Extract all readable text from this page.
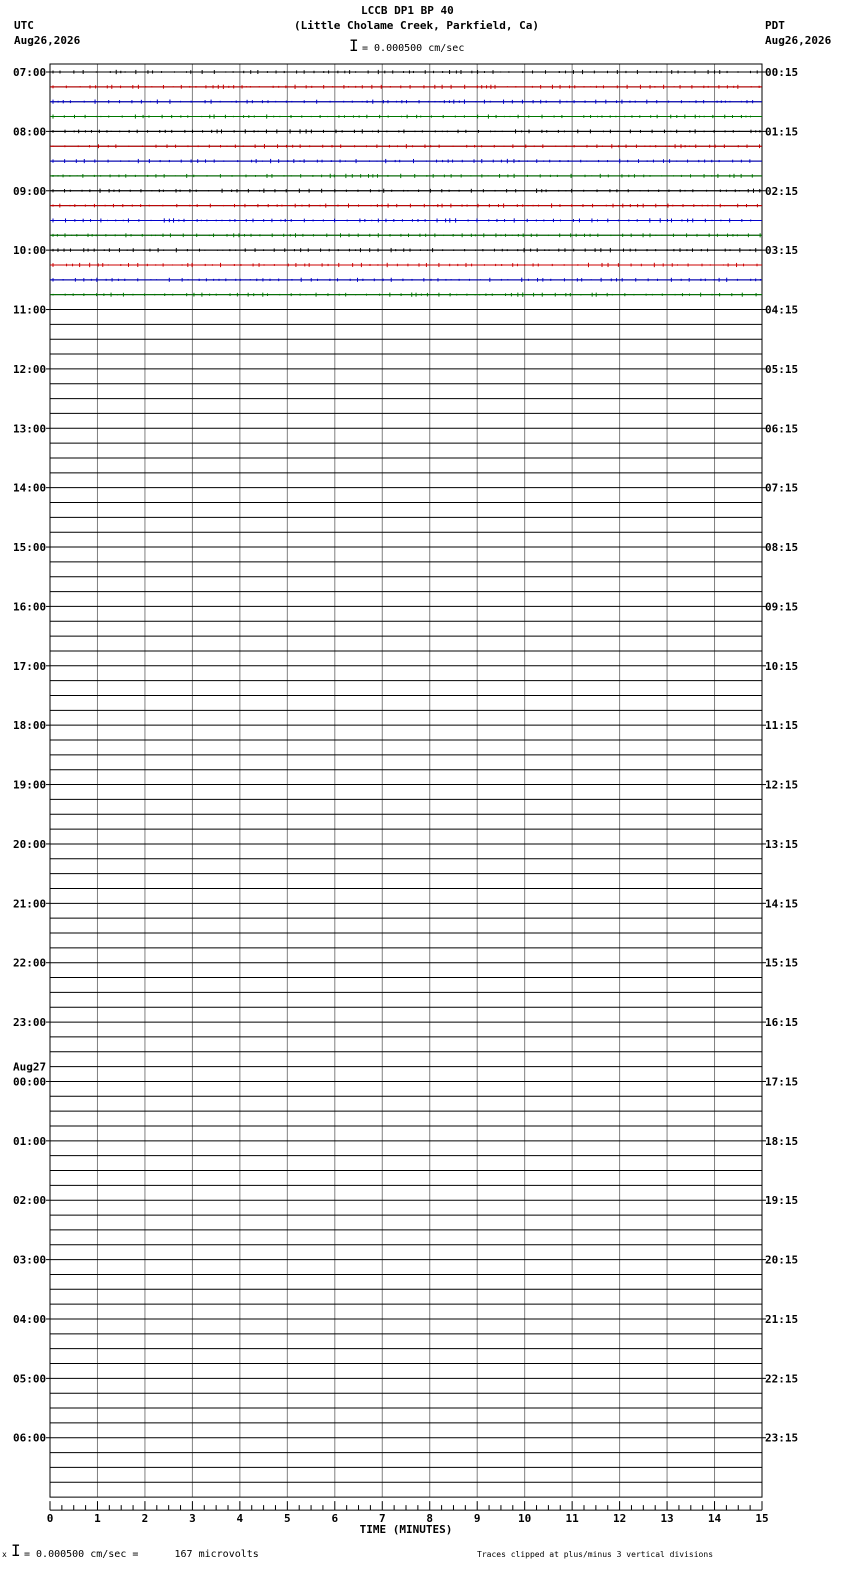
LCCB DP1 BP 40
(Little Cholame Creek, Parkfield, Ca)
UTC
Aug26,2026
PDT
Aug26,2026
I = 0.000500 cm/sec
07:00
08:00
09:00
10:00
11:00
12:00
13:00
14:00
15:00
16:00
17:00
18:00
19:00
20:00
21:00
22:00
23:00
00:00
Aug27
01:00
02:00
03:00
04:00
05:00
06:00
00:15
01:15
02:15
03:15
04:15
05:15
06:15
07:15
08:15
09:15
10:15
11:15
12:15
13:15
14:15
15:15
16:15
17:15
18:15
19:15
20:15
21:15
22:15
23:15
0	1	2	3	4	5	6	7	8	9	10	11	12	13	14	15
TIME (MINUTES)
x I = 0.000500 cm/sec =      167 microvolts	Traces clipped at plus/minus 3 vertical divisions
